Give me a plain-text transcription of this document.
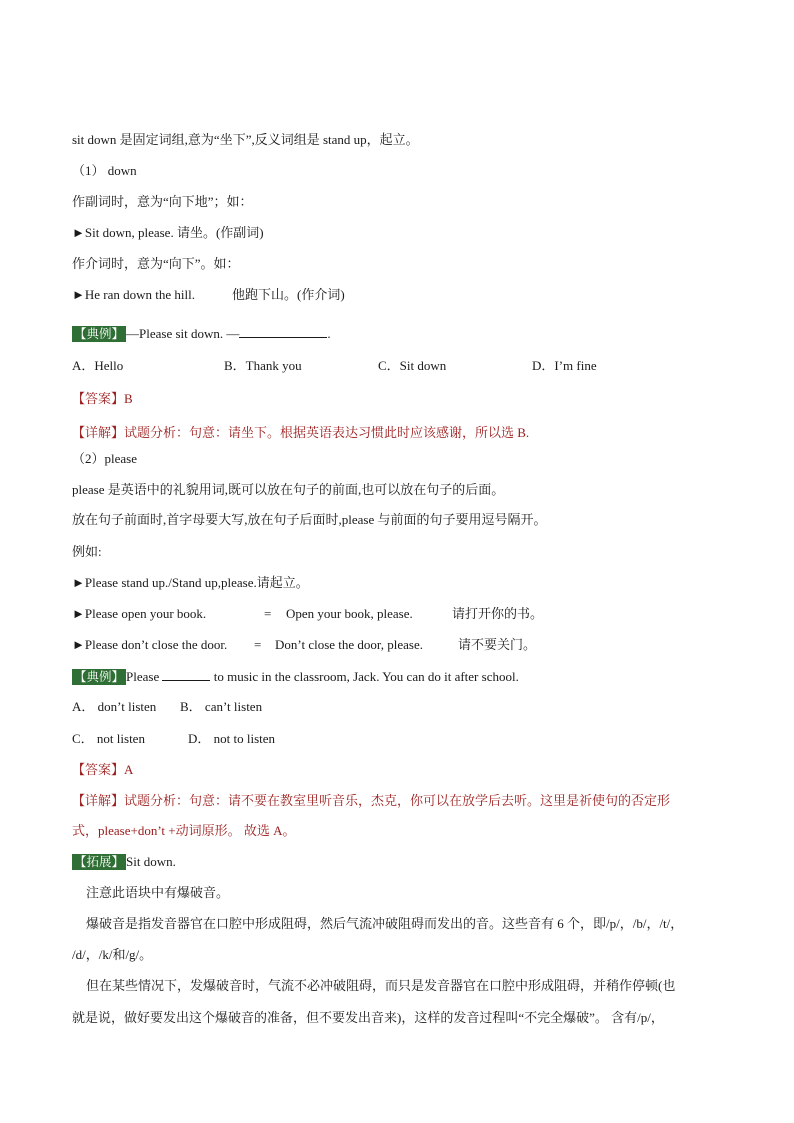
sit down 是固定词组,意为“坐下”,反义词组是 stand up，起立。
（1） down
作副词时，意为“向下地”；如：
►Sit down, please. 请坐。(作副词)
作介词时，意为“向下”。如：
►He ran down the hill.	他跑下山。(作介词)
【典例】 —Please sit down. —	.
A．Hello	B．Thank you	C．Sit down	D．I’m fine
【答案】B
【详解】试题分析：句意：请坐下。根据英语表达习惯此时应该感谢，所以选 B.
（2）please
please 是英语中的礼貌用词,既可以放在句子的前面,也可以放在句子的后面。
放在句子前面时,首字母要大写,放在句子后面时,please 与前面的句子要用逗号隔开。
例如:
►Please stand up./Stand up,please.请起立。
►Please open your book.	= Open your book, please.	请打开你的书。
►Please don’t close the door. = Don’t close the door, please.	请不要关门。
【典例】 Please	to music in the classroom, Jack. You can do it after school.
A． don’t listen B． can’t listen
C． not listen	D． not to listen
【答案】A
【详解】试题分析：句意：请不要在教室里听音乐，杰克，你可以在放学后去听。这里是祈使句的否定形
式，please+don’t +动词原形。 故选 A。
【拓展】 Sit down.
注意此语块中有爆破音。
爆破音是指发音器官在口腔中形成阻碍，然后气流冲破阻碍而发出的音。这些音有 6 个，即/p/，/b/，/t/，
/d/，/k/和/g/。
但在某些情况下，发爆破音时，气流不必冲破阻碍，而只是发音器官在口腔中形成阻碍，并稍作停顿(也
就是说，做好要发出这个爆破音的准备，但不要发出音来)，这样的发音过程叫“不完全爆破”。 含有/p/，
